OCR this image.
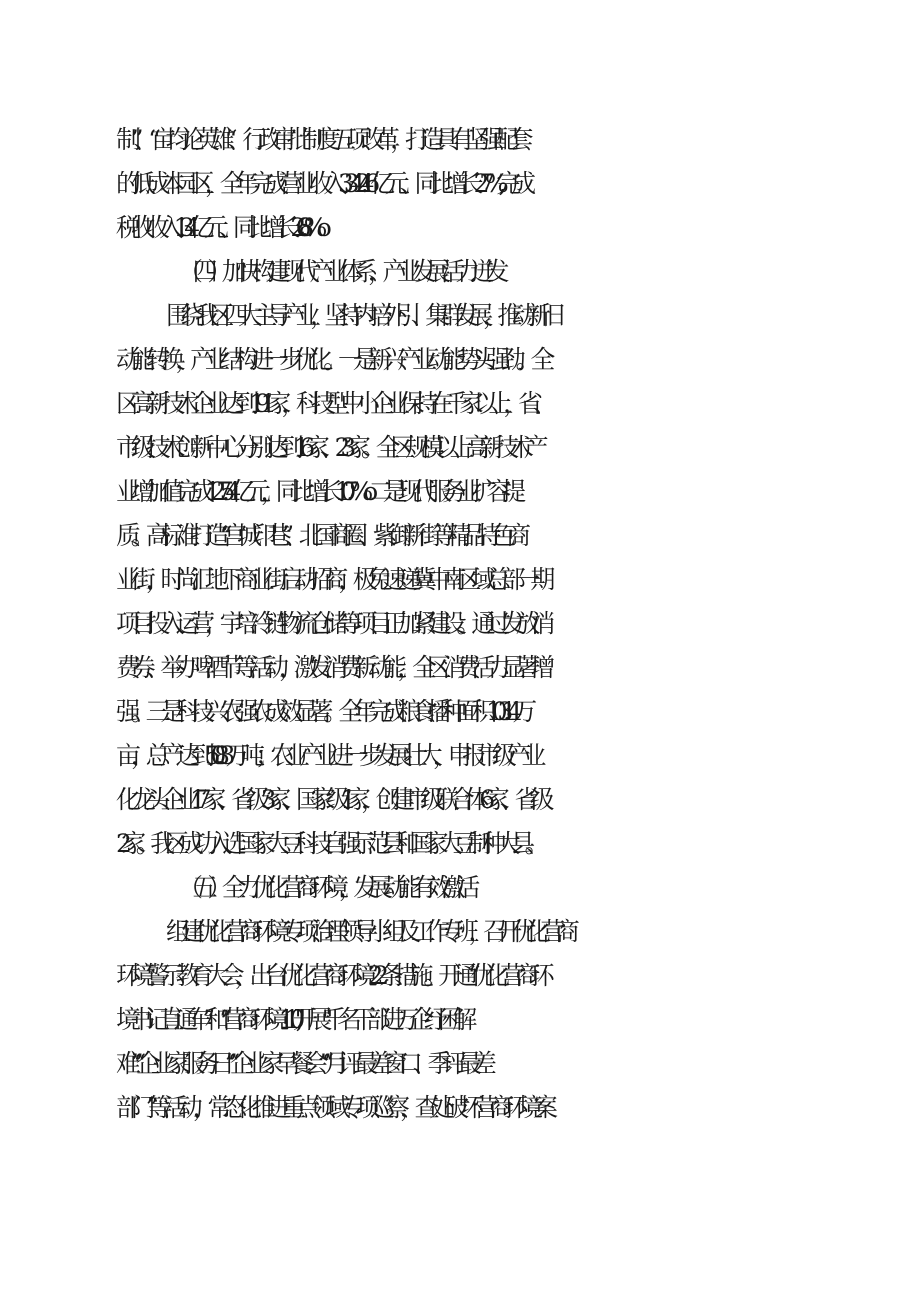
制”、“亩均论英雄“、行政审批制度五项改革，打造具有坚强配套
的低成本园区，全年完成营业收入3342.46亿元、同比增长27%,完成
税收收入134亿元、同比增长26.8%o
（四）加快构建现代产业体系，产业发展活力迸发
围绕我区四大主导产业，坚持内培外引、集群发展，推动新旧
动能转换，产业结构进一步优化。一是新兴产业动能势头强劲。全
区高新技术企业达到191家，科技型中小企业保持在千家以上，省、
市级技术创新中心分别达到16家、23家。全区规模以上高新技术产
业增加值完成127.54亿元，同比增长10.7%o二是现代服务业扩容提
质。高标准打造“宫城印巷”、北国商圈、紫御新街等精品特色商
业街，时尚汇地下商业街启动招商，极兔速递冀中南区域总部一期
项目投入运营，宇培冷链物流仓储等项目正加紧建设。通过发放消
费券、举办啤酒节等活动，激发消费新动能，全区消费活力显著增
强。三是科技兴农强农成效显著。全年完成粮食播种面积103.14万
亩，总产达到50.83万吨；农业产业进一步发展壮大，申报市级产业
化龙头企业17家、省级3家、国家级1家，创建市级联合体6家、省级
2家。我区成功入选国家大豆科技自强示范县和国家大豆制种大县。
（五）全力优化营商环境，发展动能有效激活
组建优化营商环境专项治理领导小组及工作专班，召开优化营商
环境警示教育大会，出台优化营商环境22条措施。开通“优化营商环
境书记直通车”和“营商环境110",开展"千名干部进万企纾困解
难”“企业家服务日”“企业家早餐会”“月评最差窗口、季评最差
部门”等活动，常态化推进重点领域专项巡察，查处破坏营商环境案
